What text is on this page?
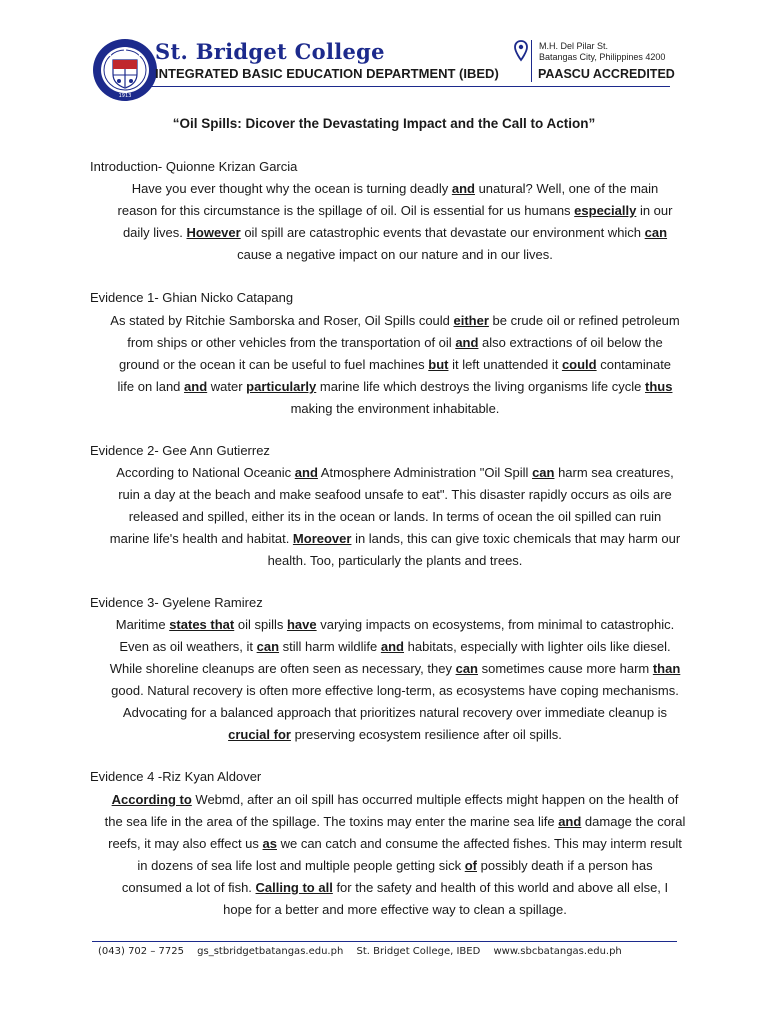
1913
St. Bridget College
INTEGRATED BASIC EDUCATION DEPARTMENT (IBED)
M.H. Del Pilar St.
Batangas City, Philippines 4200
PAASCU ACCREDITED
“Oil Spills: Dicover the Devastating Impact and the Call to Action”
Introduction- Quionne Krizan Garcia
Have you ever thought why the ocean is turning deadly and unatural? Well, one of the main
reason for this circumstance is the spillage of oil. Oil is essential for us humans especially in our
daily lives. However oil spill are catastrophic events that devastate our environment which can
cause a negative impact on our nature and in our lives.
Evidence 1- Ghian Nicko Catapang
As stated by Ritchie Samborska and Roser, Oil Spills could either be crude oil or refined petroleum
from ships or other vehicles from the transportation of oil and also extractions of oil below the
ground or the ocean it can be useful to fuel machines but it left unattended it could contaminate
life on land and water particularly marine life which destroys the living organisms life cycle thus
making the environment inhabitable.
Evidence 2- Gee Ann Gutierrez
According to National Oceanic and Atmosphere Administration "Oil Spill can harm sea creatures,
ruin a day at the beach and make seafood unsafe to eat". This disaster rapidly occurs as oils are
released and spilled, either its in the ocean or lands. In terms of ocean the oil spilled can ruin
marine life's health and habitat. Moreover in lands, this can give toxic chemicals that may harm our
health. Too, particularly the plants and trees.
Evidence 3- Gyelene Ramirez
Maritime states that oil spills have varying impacts on ecosystems, from minimal to catastrophic.
Even as oil weathers, it can still harm wildlife and habitats, especially with lighter oils like diesel.
While shoreline cleanups are often seen as necessary, they can sometimes cause more harm than
good. Natural recovery is often more effective long-term, as ecosystems have coping mechanisms.
Advocating for a balanced approach that prioritizes natural recovery over immediate cleanup is
crucial for preserving ecosystem resilience after oil spills.
Evidence 4 -Riz Kyan Aldover
According to Webmd, after an oil spill has occurred multiple effects might happen on the health of
the sea life in the area of the spillage. The toxins may enter the marine sea life and damage the coral
reefs, it may also effect us as we can catch and consume the affected fishes. This may interm result
in dozens of sea life lost and multiple people getting sick of possibly death if a person has
consumed a lot of fish. Calling to all for the safety and health of this world and above all else, I
hope for a better and more effective way to clean a spillage.
(043) 702 – 7725 gs_stbridgetbatangas.edu.ph St. Bridget College, IBED www.sbcbatangas.edu.ph
